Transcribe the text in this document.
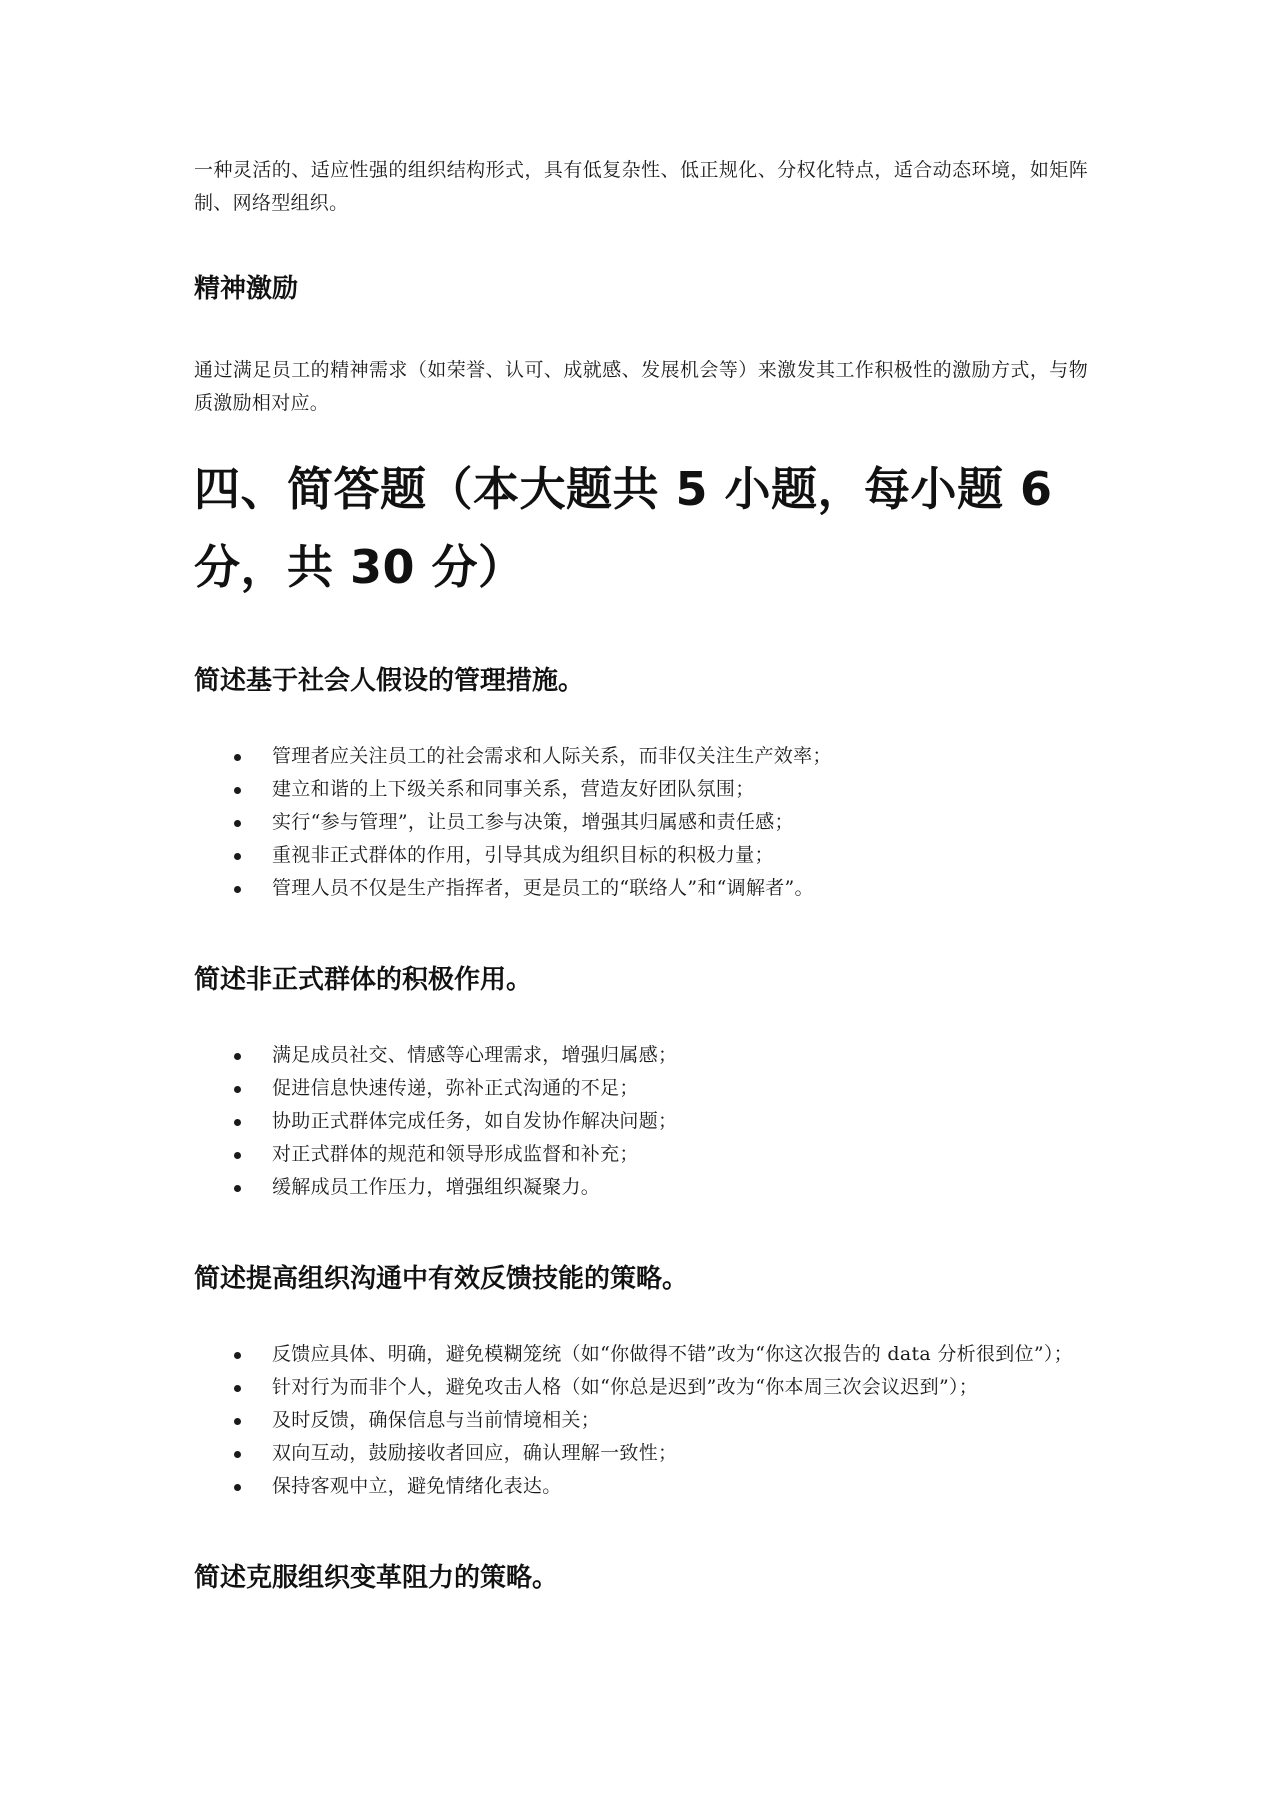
一种灵活的、适应性强的组织结构形式，具有低复杂性、低正规化、分权化特点，适合动态环境，如矩阵制、网络型组织。

精神激励

通过满足员工的精神需求（如荣誉、认可、成就感、发展机会等）来激发其工作积极性的激励方式，与物质激励相对应。

四、简答题（本大题共 5 小题，每小题 6 分，共 30 分）
简述基于社会人假设的管理措施。
管理者应关注员工的社会需求和人际关系，而非仅关注生产效率；
建立和谐的上下级关系和同事关系，营造友好团队氛围；
实行“参与管理”，让员工参与决策，增强其归属感和责任感；
重视非正式群体的作用，引导其成为组织目标的积极力量；
管理人员不仅是生产指挥者，更是员工的“联络人”和“调解者”。
简述非正式群体的积极作用。
满足成员社交、情感等心理需求，增强归属感；
促进信息快速传递，弥补正式沟通的不足；
协助正式群体完成任务，如自发协作解决问题；
对正式群体的规范和领导形成监督和补充；
缓解成员工作压力，增强组织凝聚力。
简述提高组织沟通中有效反馈技能的策略。
反馈应具体、明确，避免模糊笼统（如“你做得不错”改为“你这次报告的 data 分析很到位”）；
针对行为而非个人，避免攻击人格（如“你总是迟到”改为“你本周三次会议迟到”）；
及时反馈，确保信息与当前情境相关；
双向互动，鼓励接收者回应，确认理解一致性；
保持客观中立，避免情绪化表达。
简述克服组织变革阻力的策略。
